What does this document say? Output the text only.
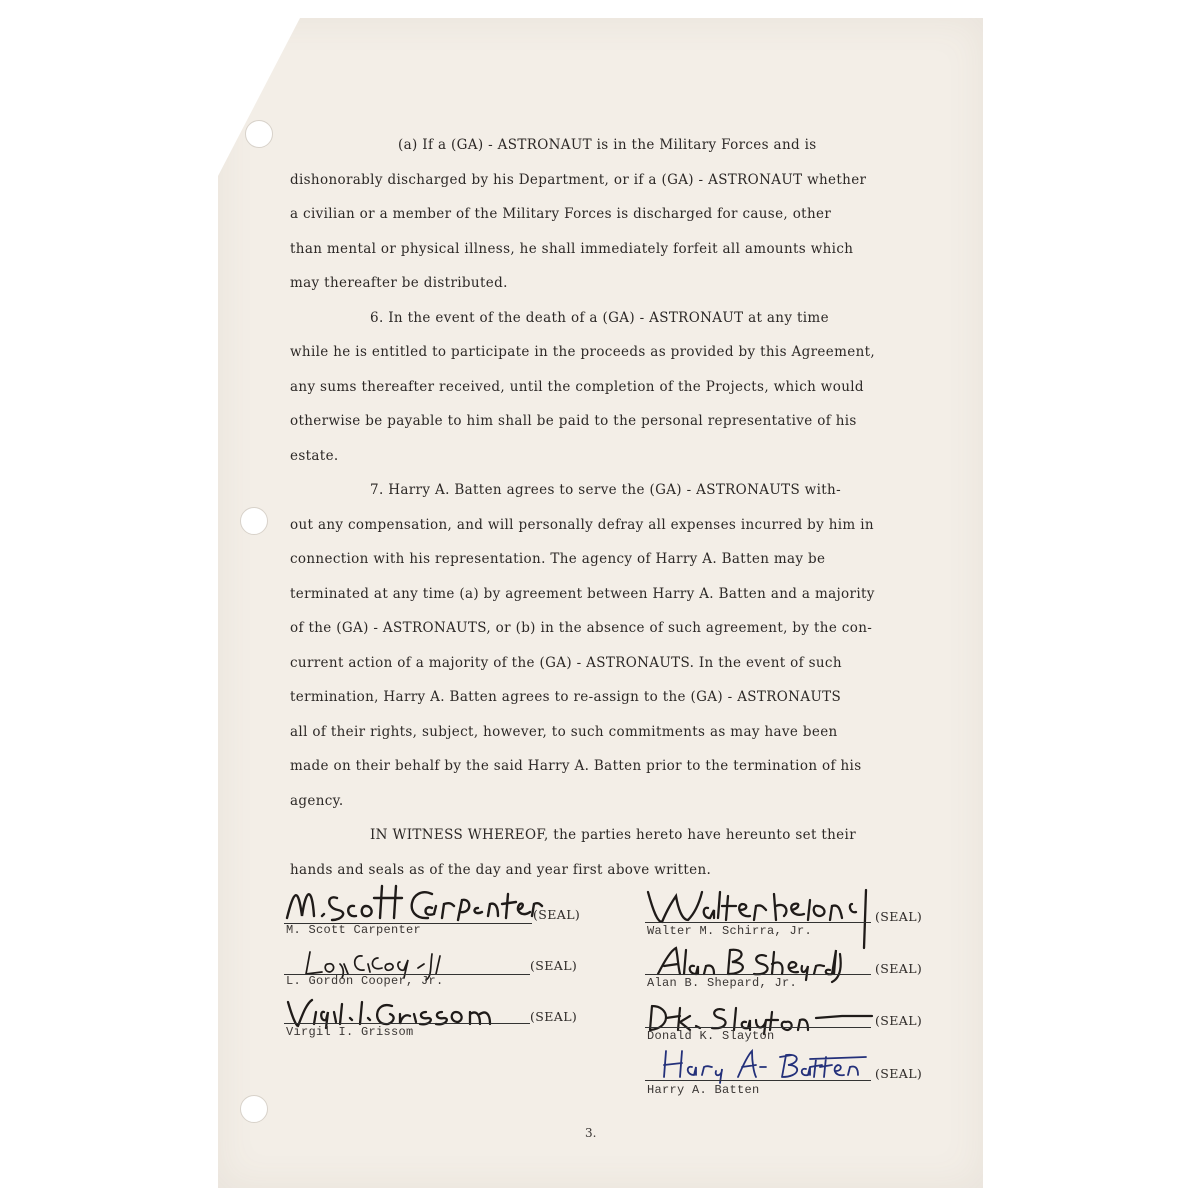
(a) If a (GA) - ASTRONAUT is in the Military Forces and is
dishonorably discharged by his Department, or if a (GA) - ASTRONAUT whether
a civilian or a member of the Military Forces is discharged for cause, other
than mental or physical illness, he shall immediately forfeit all amounts which
may thereafter be distributed.
6. In the event of the death of a (GA) - ASTRONAUT at any time
while he is entitled to participate in the proceeds as provided by this Agreement,
any sums thereafter received, until the completion of the Projects, which would
otherwise be payable to him shall be paid to the personal representative of his
estate.
7. Harry A. Batten agrees to serve the (GA) - ASTRONAUTS with-
out any compensation, and will personally defray all expenses incurred by him in
connection with his representation. The agency of Harry A. Batten may be
terminated at any time (a) by agreement between Harry A. Batten and a majority
of the (GA) - ASTRONAUTS, or (b) in the absence of such agreement, by the con-
current action of a majority of the (GA) - ASTRONAUTS. In the event of such
termination, Harry A. Batten agrees to re-assign to the (GA) - ASTRONAUTS
all of their rights, subject, however, to such commitments as may have been
made on their behalf by the said Harry A. Batten prior to the termination of his
agency.
IN WITNESS WHEREOF, the parties hereto have hereunto set their
hands and seals as of the day and year first above written.
(SEAL)
M. Scott Carpenter
(SEAL)
L. Gordon Cooper, Jr.
(SEAL)
Virgil I. Grissom
(SEAL)
Walter M. Schirra, Jr.
(SEAL)
Alan B. Shepard, Jr.
(SEAL)
Donald K. Slayton
(SEAL)
Harry A. Batten
3.
